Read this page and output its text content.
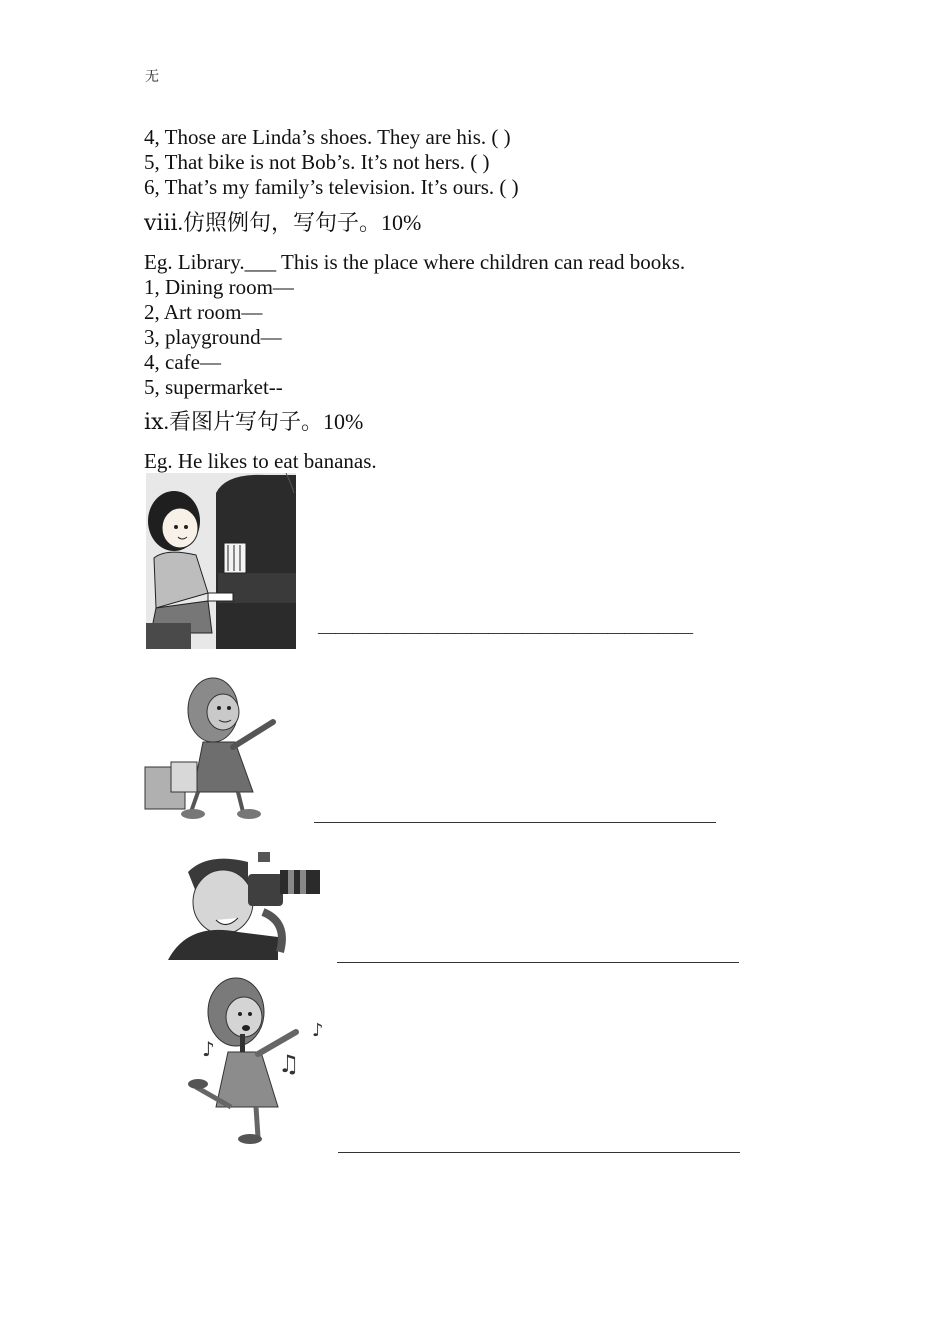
无
4, Those are Linda’s shoes. They are his. ( )
5, That bike is not Bob’s. It’s not hers. ( )
6, That’s my family’s television. It’s ours. ( )
ⅷ.仿照例句，写句子。10%
Eg. Library.___ This is the place where children can read books.
1, Dining room—
2, Art room—
3, playground—
4, cafe—
5, supermarket--
ⅸ.看图片写句子。10%
Eg. He likes to eat bananas.
——————————————————————
♪
♫
♪
